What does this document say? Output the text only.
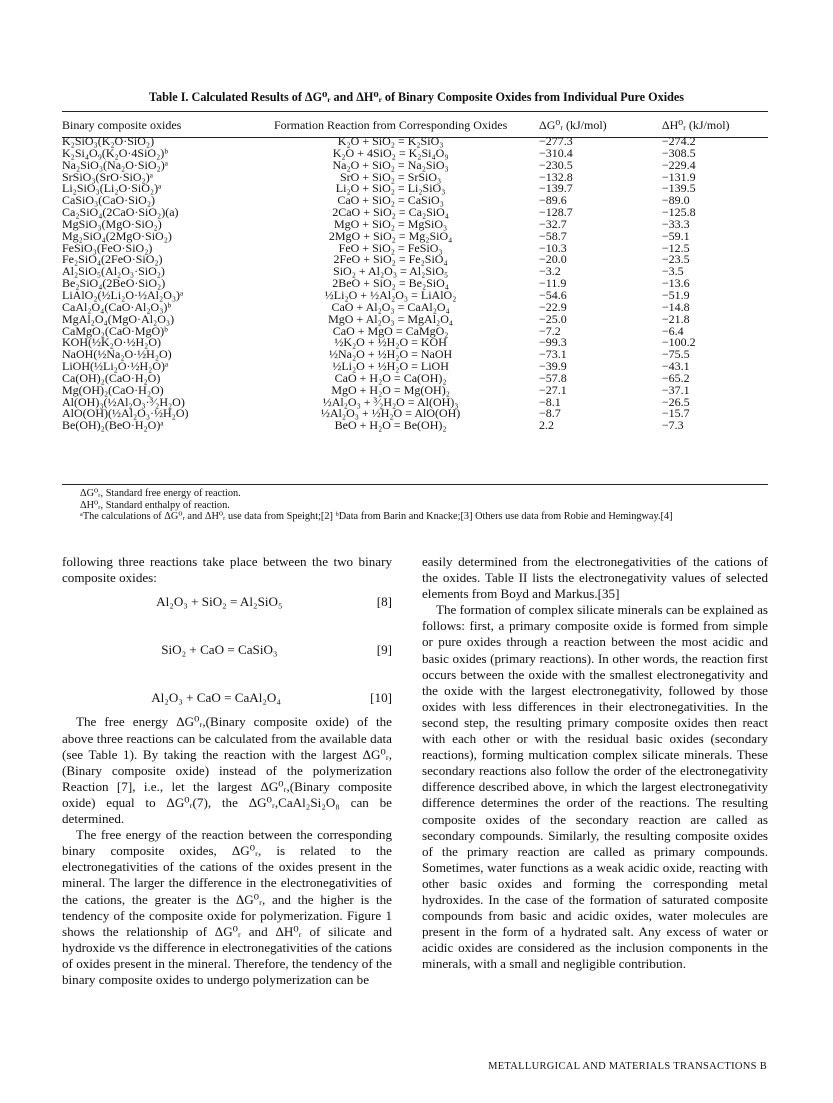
Table I. Calculated Results of ΔG⁰ᵣ and ΔH⁰ᵣ of Binary Composite Oxides from Individual Pure Oxides
Binary composite oxides	Formation Reaction from Corresponding Oxides	ΔG⁰ᵣ (kJ/mol)	ΔH⁰ᵣ (kJ/mol)
K₂SiO₃(K₂O·SiO₂)	K₂O + SiO₂ = K₂SiO₃	−277.3	−274.2
K₂Si₄O₉(K₂O·4SiO₂)ᵇ	K₂O + 4SiO₂ = K₂Si₄O₉	−310.4	−308.5
Na₂SiO₃(Na₂O·SiO₂)ᵃ	Na₂O + SiO₂ = Na₂SiO₃	−230.5	−229.4
SrSiO₃(SrO·SiO₂)ᵃ	SrO + SiO₂ = SrSiO₃	−132.8	−131.9
Li₂SiO₃(Li₂O·SiO₂)ᵃ	Li₂O + SiO₂ = Li₂SiO₃	−139.7	−139.5
CaSiO₃(CaO·SiO₂)	CaO + SiO₂ = CaSiO₃	−89.6	−89.0
Ca₂SiO₄(2CaO·SiO₂)(a)	2CaO + SiO₂ = Ca₂SiO₄	−128.7	−125.8
MgSiO₃(MgO·SiO₂)	MgO + SiO₂ = MgSiO₃	−32.7	−33.3
Mg₂SiO₄(2MgO·SiO₂)	2MgO + SiO₂ = Mg₂SiO₄	−58.7	−59.1
FeSiO₃(FeO·SiO₂)	FeO + SiO₂ = FeSiO₃	−10.3	−12.5
Fe₂SiO₄(2FeO·SiO₂)	2FeO + SiO₂ = Fe₂SiO₄	−20.0	−23.5
Al₂SiO₅(Al₂O₃·SiO₂)	SiO₂ + Al₂O₃ = Al₂SiO₅	−3.2	−3.5
Be₂SiO₄(2BeO·SiO₂)	2BeO + SiO₂ = Be₂SiO₄	−11.9	−13.6
LiAlO₂(½Li₂O·½Al₂O₃)ᵃ	½Li₂O + ½Al₂O₃ = LiAlO₂	−54.6	−51.9
CaAl₂O₄(CaO·Al₂O₃)ᵇ	CaO + Al₂O₃ = CaAl₂O₄	−22.9	−14.8
MgAl₂O₄(MgO·Al₂O₃)	MgO + Al₂O₃ = MgAl₂O₄	−25.0	−21.8
CaMgO₂(CaO·MgO)ᵇ	CaO + MgO = CaMgO₂	−7.2	−6.4
KOH(½K₂O·½H₂O)	½K₂O + ½H₂O = KOH	−99.3	−100.2
NaOH(½Na₂O·½H₂O)	½Na₂O + ½H₂O = NaOH	−73.1	−75.5
LiOH(½Li₂O·½H₂O)ᵃ	½Li₂O + ½H₂O = LiOH	−39.9	−43.1
Ca(OH)₂(CaO·H₂O)	CaO + H₂O = Ca(OH)₂	−57.8	−65.2
Mg(OH)₂(CaO·H₂O)	MgO + H₂O = Mg(OH)₂	−27.1	−37.1
Al(OH)₃(½Al₂O₃·³⁄₂H₂O)	½Al₂O₃ + ³⁄₂H₂O = Al(OH)₃	−8.1	−26.5
AlO(OH)(½Al₂O₃·½H₂O)	½Al₂O₃ + ½H₂O = AlO(OH)	−8.7	−15.7
Be(OH)₂(BeO·H₂O)ᵃ	BeO + H₂O = Be(OH)₂	2.2	−7.3
ΔG⁰ᵣ, Standard free energy of reaction.
ΔH⁰ᵣ, Standard enthalpy of reaction.
ᵃThe calculations of ΔG⁰ᵣ and ΔH⁰ᵣ use data from Speight;[2] ᵇData from Barin and Knacke;[3] Others use data from Robie and Hemingway.[4]

following three reactions take place between the two binary composite oxides:

Al₂O₃ + SiO₂ = Al₂SiO₅	[8]
SiO₂ + CaO = CaSiO₃	[9]
Al₂O₃ + CaO = CaAl₂O₄	[10]

The free energy ΔG⁰ᵣ,(Binary composite oxide) of the above three reactions can be calculated from the available data (see Table 1). By taking the reaction with the largest ΔG⁰ᵣ,(Binary composite oxide) instead of the polymerization Reaction [7], i.e., let the largest ΔG⁰ᵣ,(Binary composite oxide) equal to ΔG⁰ᵣ(7), the ΔG⁰ᵣ,CaAl₂Si₂O₈ can be determined.

The free energy of the reaction between the corresponding binary composite oxides, ΔG⁰ᵣ, is related to the electronegativities of the cations of the oxides present in the mineral. The larger the difference in the electronegativities of the cations, the greater is the ΔG⁰ᵣ, and the higher is the tendency of the composite oxide for polymerization. Figure 1 shows the relationship of ΔG⁰ᵣ and ΔH⁰ᵣ of silicate and hydroxide vs the difference in electronegativities of the cations of oxides present in the mineral. Therefore, the tendency of the binary composite oxides to undergo polymerization can be

easily determined from the electronegativities of the cations of the oxides. Table II lists the electronegativity values of selected elements from Boyd and Markus.[35]

The formation of complex silicate minerals can be explained as follows: first, a primary composite oxide is formed from simple or pure oxides through a reaction between the most acidic and basic oxides (primary reactions). In other words, the reaction first occurs between the oxide with the smallest electronegativity and the oxide with the largest electronegativity, followed by those oxides with less differences in their electronegativities. In the second step, the resulting primary composite oxides then react with each other or with the residual basic oxides (secondary reactions), forming multication complex silicate minerals. These secondary reactions also follow the order of the electronegativity difference described above, in which the largest electronegativity difference determines the order of the reactions. The resulting composite oxides of the secondary reaction are called as secondary compounds. Similarly, the resulting composite oxides of the primary reaction are called as primary compounds. Sometimes, water functions as a weak acidic oxide, reacting with other basic oxides and forming the corresponding metal hydroxides. In the case of the formation of saturated composite compounds from basic and acidic oxides, water molecules are present in the form of a hydrated salt. Any excess of water or acidic oxides are considered as the inclusion components in the minerals, with a small and negligible contribution.

METALLURGICAL AND MATERIALS TRANSACTIONS B
